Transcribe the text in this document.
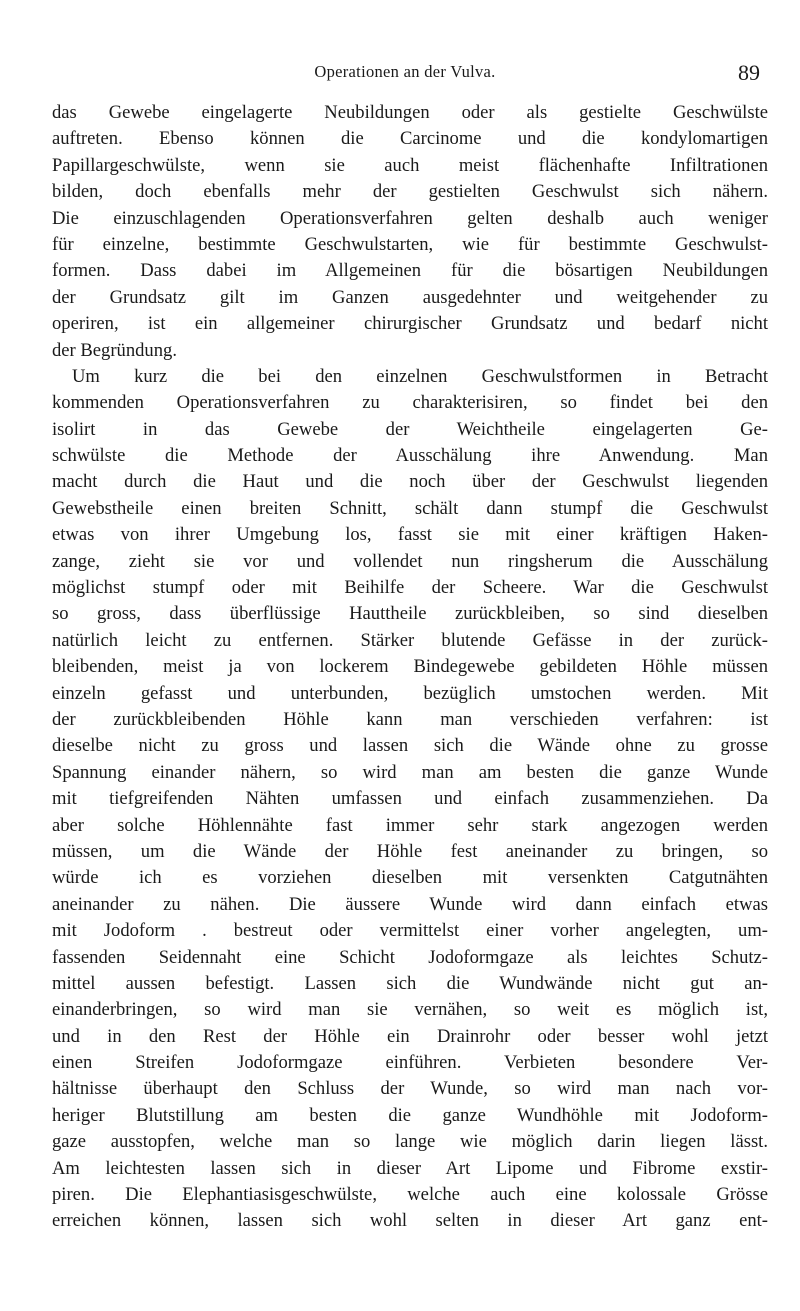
Operationen an der Vulva.	89
das Gewebe eingelagerte Neubildungen oder als gestielte Geschwülste
auftreten. Ebenso können die Carcinome und die kondylomartigen
Papillargeschwülste, wenn sie auch meist flächenhafte Infiltrationen
bilden, doch ebenfalls mehr der gestielten Geschwulst sich nähern.
Die einzuschlagenden Operationsverfahren gelten deshalb auch weniger
für einzelne, bestimmte Geschwulstarten, wie für bestimmte Geschwulst-
formen. Dass dabei im Allgemeinen für die bösartigen Neubildungen
der Grundsatz gilt im Ganzen ausgedehnter und weitgehender zu
operiren, ist ein allgemeiner chirurgischer Grundsatz und bedarf nicht
der Begründung.
Um kurz die bei den einzelnen Geschwulstformen in Betracht
kommenden Operationsverfahren zu charakterisiren, so findet bei den
isolirt in das Gewebe der Weichtheile eingelagerten Ge-
schwülste die Methode der Ausschälung ihre Anwendung. Man
macht durch die Haut und die noch über der Geschwulst liegenden
Gewebstheile einen breiten Schnitt, schält dann stumpf die Geschwulst
etwas von ihrer Umgebung los, fasst sie mit einer kräftigen Haken-
zange, zieht sie vor und vollendet nun ringsherum die Ausschälung
möglichst stumpf oder mit Beihilfe der Scheere. War die Geschwulst
so gross, dass überflüssige Hauttheile zurückbleiben, so sind dieselben
natürlich leicht zu entfernen. Stärker blutende Gefässe in der zurück-
bleibenden, meist ja von lockerem Bindegewebe gebildeten Höhle müssen
einzeln gefasst und unterbunden, bezüglich umstochen werden. Mit
der zurückbleibenden Höhle kann man verschieden verfahren: ist
dieselbe nicht zu gross und lassen sich die Wände ohne zu grosse
Spannung einander nähern, so wird man am besten die ganze Wunde
mit tiefgreifenden Nähten umfassen und einfach zusammenziehen. Da
aber solche Höhlennähte fast immer sehr stark angezogen werden
müssen, um die Wände der Höhle fest aneinander zu bringen, so
würde ich es vorziehen dieselben mit versenkten Catgutnähten
aneinander zu nähen. Die äussere Wunde wird dann einfach etwas
mit Jodoform . bestreut oder vermittelst einer vorher angelegten, um-
fassenden Seidennaht eine Schicht Jodoformgaze als leichtes Schutz-
mittel aussen befestigt. Lassen sich die Wundwände nicht gut an-
einanderbringen, so wird man sie vernähen, so weit es möglich ist,
und in den Rest der Höhle ein Drainrohr oder besser wohl jetzt
einen Streifen Jodoformgaze einführen. Verbieten besondere Ver-
hältnisse überhaupt den Schluss der Wunde, so wird man nach vor-
heriger Blutstillung am besten die ganze Wundhöhle mit Jodoform-
gaze ausstopfen, welche man so lange wie möglich darin liegen lässt.
Am leichtesten lassen sich in dieser Art Lipome und Fibrome exstir-
piren. Die Elephantiasisgeschwülste, welche auch eine kolossale Grösse
erreichen können, lassen sich wohl selten in dieser Art ganz ent-
